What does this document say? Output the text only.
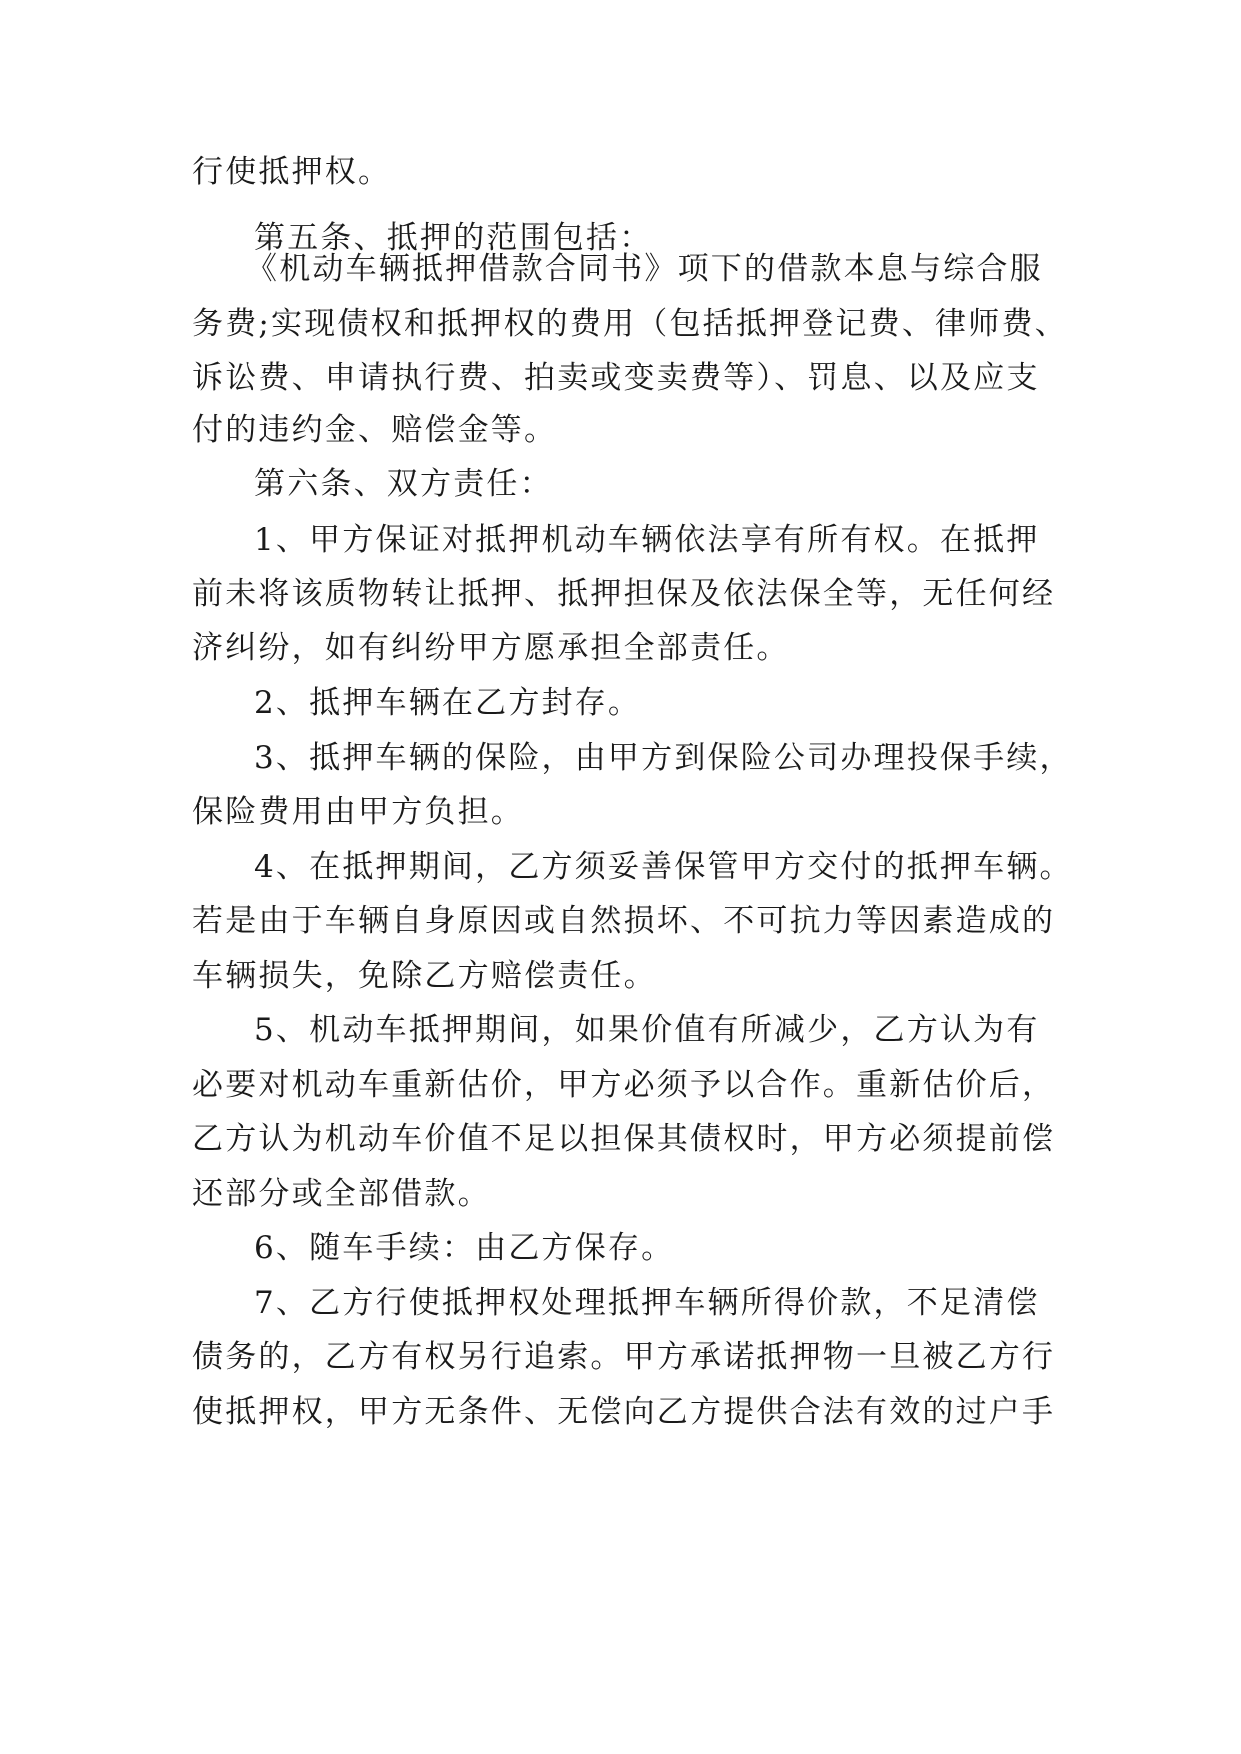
行使抵押权。
第五条、抵押的范围包括：
《机动车辆抵押借款合同书》项下的借款本息与综合服
务费;实现债权和抵押权的费用（包括抵押登记费、律师费、
诉讼费、申请执行费、拍卖或变卖费等）、罚息、以及应支
付的违约金、赔偿金等。
第六条、双方责任：
1、甲方保证对抵押机动车辆依法享有所有权。在抵押
前未将该质物转让抵押、抵押担保及依法保全等，无任何经
济纠纷，如有纠纷甲方愿承担全部责任。
2、抵押车辆在乙方封存。
3、抵押车辆的保险，由甲方到保险公司办理投保手续，
保险费用由甲方负担。
4、在抵押期间，乙方须妥善保管甲方交付的抵押车辆。
若是由于车辆自身原因或自然损坏、不可抗力等因素造成的
车辆损失，免除乙方赔偿责任。
5、机动车抵押期间，如果价值有所减少，乙方认为有
必要对机动车重新估价，甲方必须予以合作。重新估价后，
乙方认为机动车价值不足以担保其债权时，甲方必须提前偿
还部分或全部借款。
6、随车手续：由乙方保存。
7、乙方行使抵押权处理抵押车辆所得价款，不足清偿
债务的，乙方有权另行追索。甲方承诺抵押物一旦被乙方行
使抵押权，甲方无条件、无偿向乙方提供合法有效的过户手
